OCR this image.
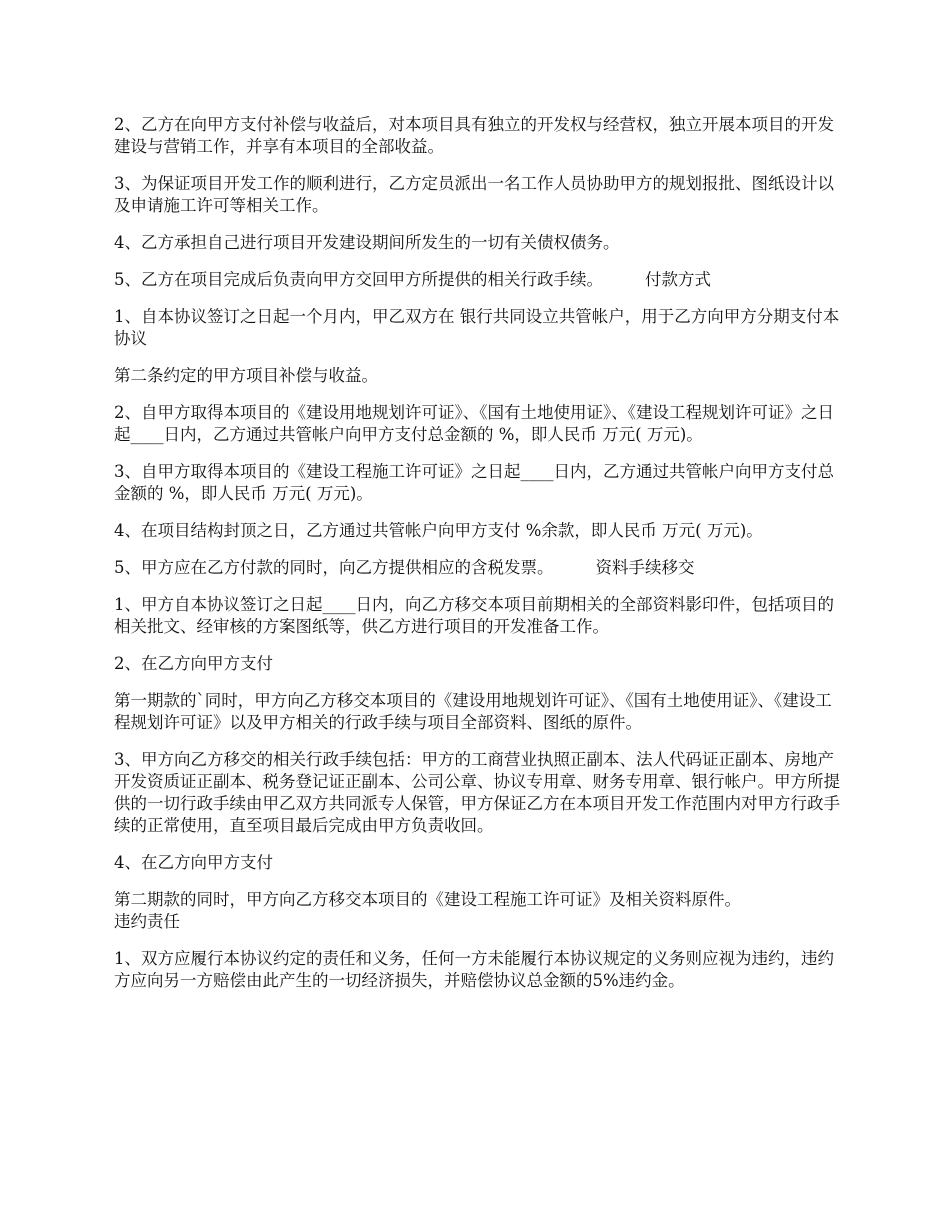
2、乙方在向甲方支付补偿与收益后，对本项目具有独立的开发权与经营权，独立开展本项目的开发建设与营销工作，并享有本项目的全部收益。

3、为保证项目开发工作的顺利进行，乙方定员派出一名工作人员协助甲方的规划报批、图纸设计以及申请施工许可等相关工作。

4、乙方承担自己进行项目开发建设期间所发生的一切有关债权债务。

5、乙方在项目完成后负责向甲方交回甲方所提供的相关行政手续。        付款方式

1、自本协议签订之日起一个月内，甲乙双方在 银行共同设立共管帐户，用于乙方向甲方分期支付本协议

第二条约定的甲方项目补偿与收益。

2、自甲方取得本项目的《建设用地规划许可证》、《国有土地使用证》、《建设工程规划许可证》之日起____日内，乙方通过共管帐户向甲方支付总金额的 %，即人民币 万元( 万元)。

3、自甲方取得本项目的《建设工程施工许可证》之日起____日内，乙方通过共管帐户向甲方支付总金额的 %，即人民币 万元( 万元)。

4、在项目结构封顶之日，乙方通过共管帐户向甲方支付 %余款，即人民币 万元( 万元)。

5、甲方应在乙方付款的同时，向乙方提供相应的含税发票。        资料手续移交

1、甲方自本协议签订之日起____日内，向乙方移交本项目前期相关的全部资料影印件，包括项目的相关批文、经审核的方案图纸等，供乙方进行项目的开发准备工作。

2、在乙方向甲方支付

第一期款的`同时，甲方向乙方移交本项目的《建设用地规划许可证》、《国有土地使用证》、《建设工程规划许可证》以及甲方相关的行政手续与项目全部资料、图纸的原件。

3、甲方向乙方移交的相关行政手续包括：甲方的工商营业执照正副本、法人代码证正副本、房地产开发资质证正副本、税务登记证正副本、公司公章、协议专用章、财务专用章、银行帐户。甲方所提供的一切行政手续由甲乙双方共同派专人保管，甲方保证乙方在本项目开发工作范围内对甲方行政手续的正常使用，直至项目最后完成由甲方负责收回。

4、在乙方向甲方支付

第二期款的同时，甲方向乙方移交本项目的《建设工程施工许可证》及相关资料原件。
违约责任

1、双方应履行本协议约定的责任和义务，任何一方未能履行本协议规定的义务则应视为违约，违约方应向另一方赔偿由此产生的一切经济损失，并赔偿协议总金额的5%违约金。
